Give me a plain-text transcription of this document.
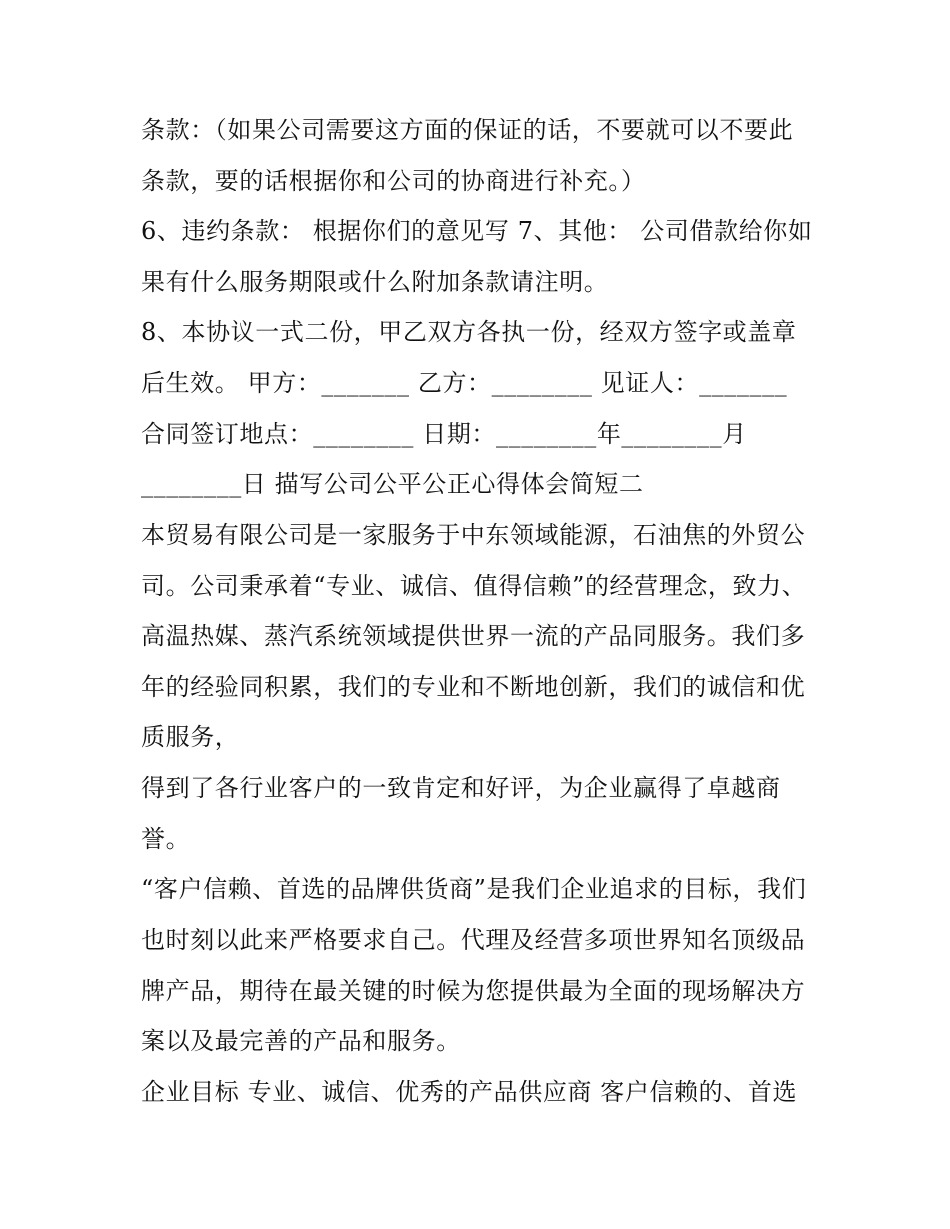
条款：（如果公司需要这方面的保证的话，不要就可以不要此
条款，要的话根据你和公司的协商进行补充。）
6、违约条款： 根据你们的意见写 7、其他： 公司借款给你如
果有什么服务期限或什么附加条款请注明。
8、本协议一式二份，甲乙双方各执一份，经双方签字或盖章
后生效。 甲方：_______ 乙方：________ 见证人：_______
合同签订地点：________ 日期：________年________月
________日 描写公司公平公正心得体会简短二
本贸易有限公司是一家服务于中东领域能源，石油焦的外贸公
司。公司秉承着“专业、诚信、值得信赖”的经营理念，致力、
高温热媒、蒸汽系统领域提供世界一流的产品同服务。我们多
年的经验同积累，我们的专业和不断地创新，我们的诚信和优
质服务，
得到了各行业客户的一致肯定和好评，为企业赢得了卓越商
誉。
“客户信赖、首选的品牌供货商”是我们企业追求的目标，我们
也时刻以此来严格要求自己。代理及经营多项世界知名顶级品
牌产品，期待在最关键的时候为您提供最为全面的现场解决方
案以及最完善的产品和服务。
企业目标 专业、诚信、优秀的产品供应商 客户信赖的、首选
